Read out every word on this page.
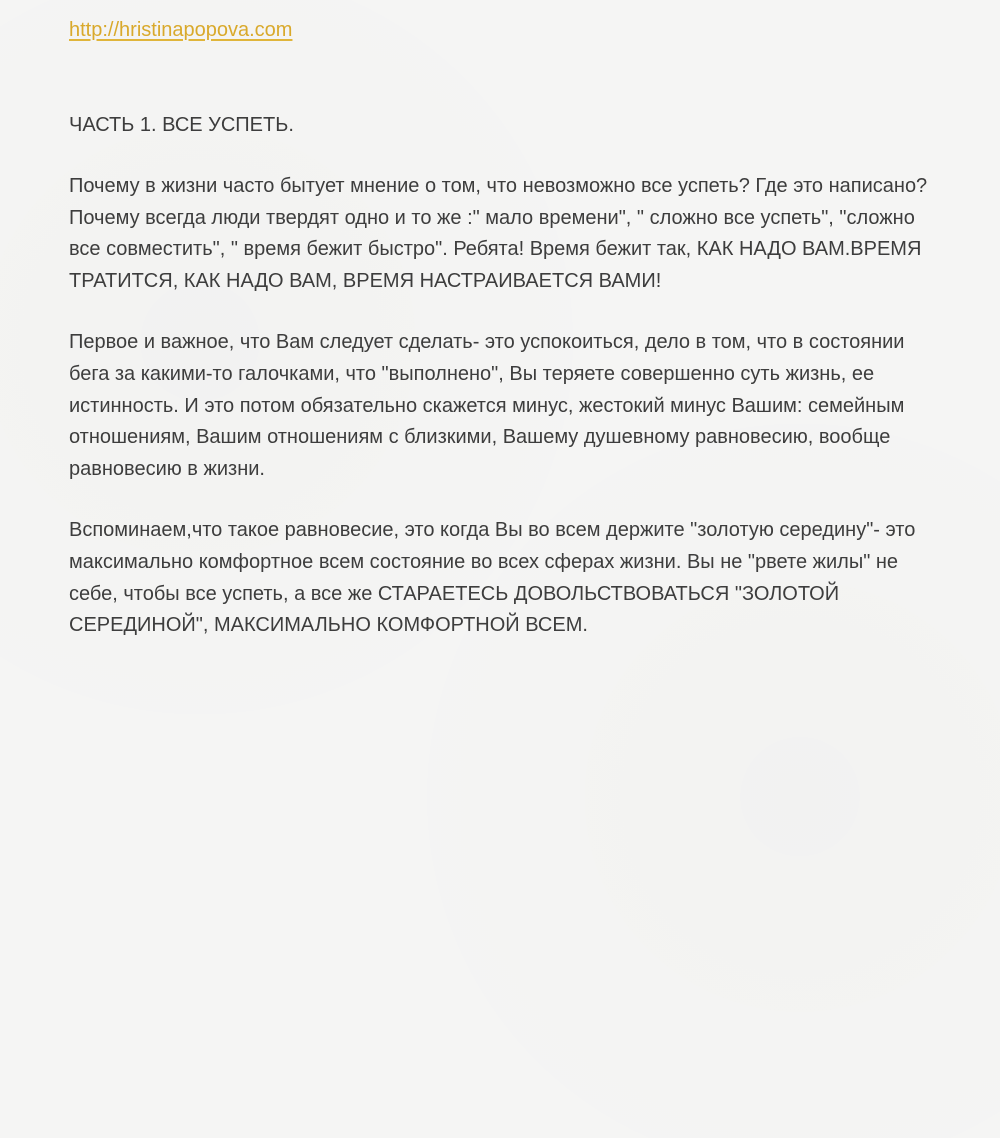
http://hristinapopova.com

ЧАСТЬ 1. ВСЕ УСПЕТЬ.

Почему в жизни часто бытует мнение о том, что невозможно все успеть? Где это написано? Почему всегда люди твердят одно и то же :" мало времени", " сложно все успеть", "сложно все совместить", " время бежит быстро". Ребята! Время бежит так, КАК НАДО ВАМ.ВРЕМЯ ТРАТИТСЯ, КАК НАДО ВАМ, ВРЕМЯ НАСТРАИВАЕТСЯ ВАМИ!

Первое и важное, что Вам следует сделать- это успокоиться, дело в том, что в состоянии бега за какими-то галочками, что "выполнено", Вы теряете совершенно суть жизнь, ее истинность. И это потом обязательно скажется минус, жестокий минус Вашим: семейным отношениям, Вашим отношениям с близкими, Вашему душевному равновесию, вообще равновесию в жизни.

Вспоминаем,что такое равновесие, это когда Вы во всем держите "золотую середину"- это максимально комфортное всем состояние во всех сферах жизни. Вы не "рвете жилы" не себе, чтобы все успеть, а все же СТАРАЕТЕСЬ ДОВОЛЬСТВОВАТЬСЯ "ЗОЛОТОЙ СЕРЕДИНОЙ", МАКСИМАЛЬНО КОМФОРТНОЙ ВСЕМ.
